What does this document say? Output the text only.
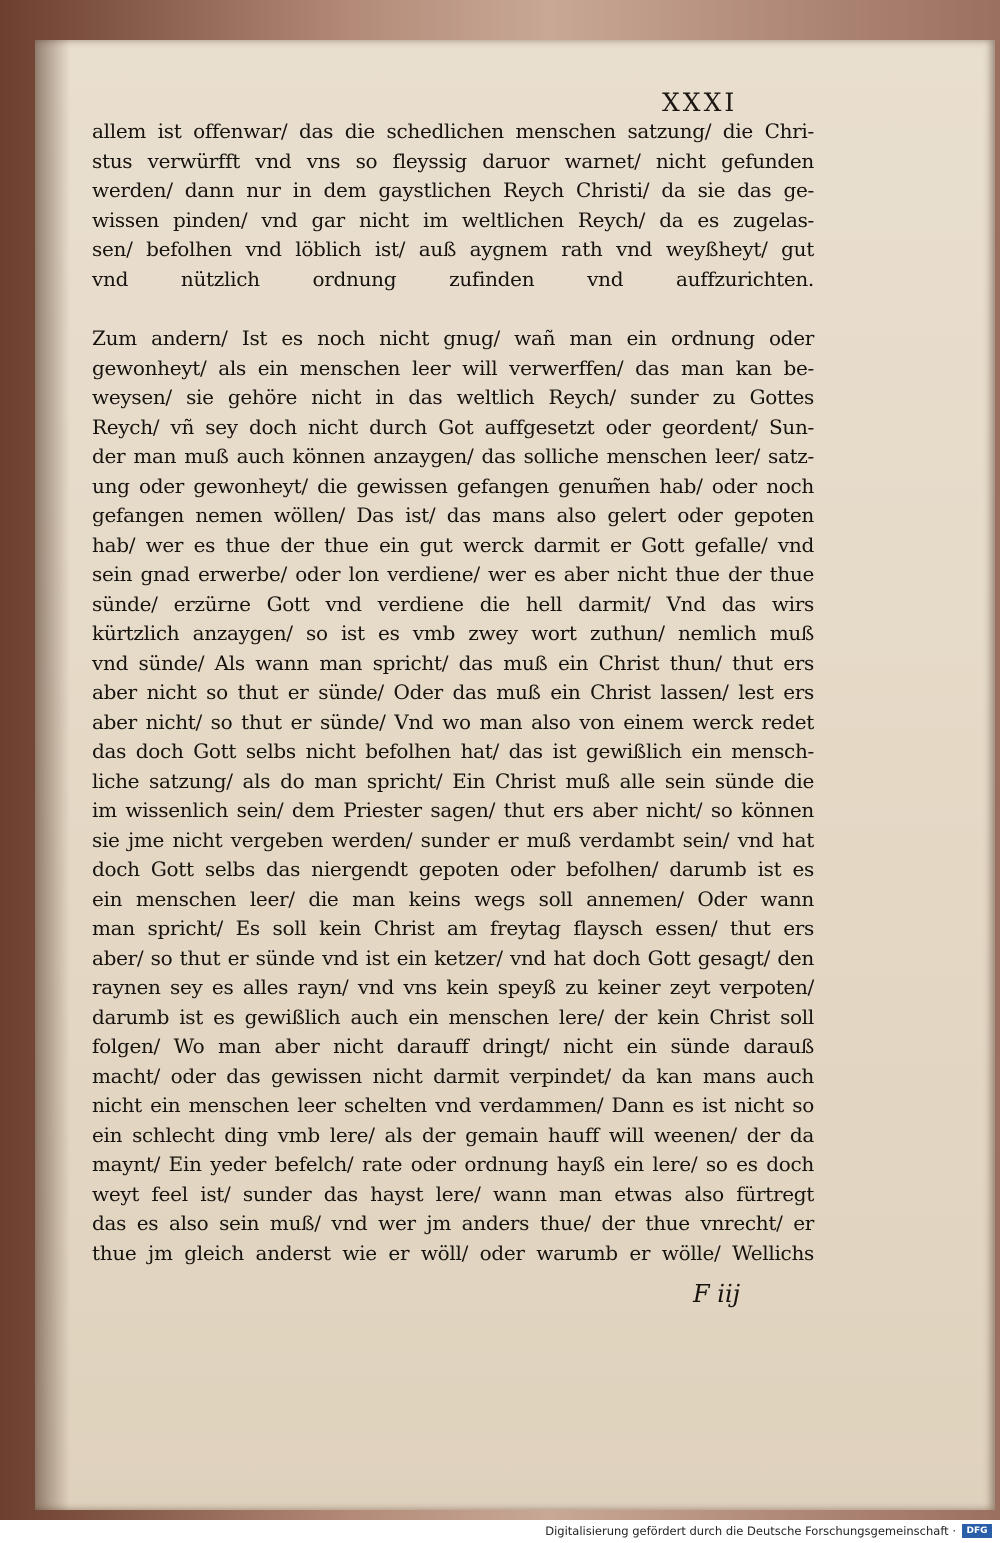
XXXI
allem ist offenwar/ das die schedlichen menschen satzung/ die Chri-
stus verwürfft vnd vns so fleyssig daruor warnet/ nicht gefunden
werden/ dann nur in dem gaystlichen Reych Christi/ da sie das ge-
wissen pinden/ vnd gar nicht im weltlichen Reych/ da es zugelas-
sen/ befolhen vnd löblich ist/ auß aygnem rath vnd weyßheyt/ gut
vnd nützlich ordnung zufinden vnd auffzurichten.
Zum andern/ Ist es noch nicht gnug/ wañ man ein ordnung oder
gewonheyt/ als ein menschen leer will verwerffen/ das man kan be-
weysen/ sie gehöre nicht in das weltlich Reych/ sunder zu Gottes
Reych/ vñ sey doch nicht durch Got auffgesetzt oder geordent/ Sun-
der man muß auch können anzaygen/ das solliche menschen leer/ satz-
ung oder gewonheyt/ die gewissen gefangen genum̃en hab/ oder noch
gefangen nemen wöllen/ Das ist/ das mans also gelert oder gepoten
hab/ wer es thue der thue ein gut werck darmit er Gott gefalle/ vnd
sein gnad erwerbe/ oder lon verdiene/ wer es aber nicht thue der thue
sünde/ erzürne Gott vnd verdiene die hell darmit/ Vnd das wirs
kürtzlich anzaygen/ so ist es vmb zwey wort zuthun/ nemlich muß
vnd sünde/ Als wann man spricht/ das muß ein Christ thun/ thut ers
aber nicht so thut er sünde/ Oder das muß ein Christ lassen/ lest ers
aber nicht/ so thut er sünde/ Vnd wo man also von einem werck redet
das doch Gott selbs nicht befolhen hat/ das ist gewißlich ein mensch-
liche satzung/ als do man spricht/ Ein Christ muß alle sein sünde die
im wissenlich sein/ dem Priester sagen/ thut ers aber nicht/ so können
sie jme nicht vergeben werden/ sunder er muß verdambt sein/ vnd hat
doch Gott selbs das niergendt gepoten oder befolhen/ darumb ist es
ein menschen leer/ die man keins wegs soll annemen/ Oder wann
man spricht/ Es soll kein Christ am freytag flaysch essen/ thut ers
aber/ so thut er sünde vnd ist ein ketzer/ vnd hat doch Gott gesagt/ den
raynen sey es alles rayn/ vnd vns kein speyß zu keiner zeyt verpoten/
darumb ist es gewißlich auch ein menschen lere/ der kein Christ soll
folgen/ Wo man aber nicht darauff dringt/ nicht ein sünde darauß
macht/ oder das gewissen nicht darmit verpindet/ da kan mans auch
nicht ein menschen leer schelten vnd verdammen/ Dann es ist nicht so
ein schlecht ding vmb lere/ als der gemain hauff will weenen/ der da
maynt/ Ein yeder befelch/ rate oder ordnung hayß ein lere/ so es doch
weyt feel ist/ sunder das hayst lere/ wann man etwas also fürtregt
das es also sein muß/ vnd wer jm anders thue/ der thue vnrecht/ er
thue jm gleich anderst wie er wöll/ oder warumb er wölle/ Wellichs
F iij
Digitalisierung gefördert durch die Deutsche Forschungsgemeinschaft ·	DFG
